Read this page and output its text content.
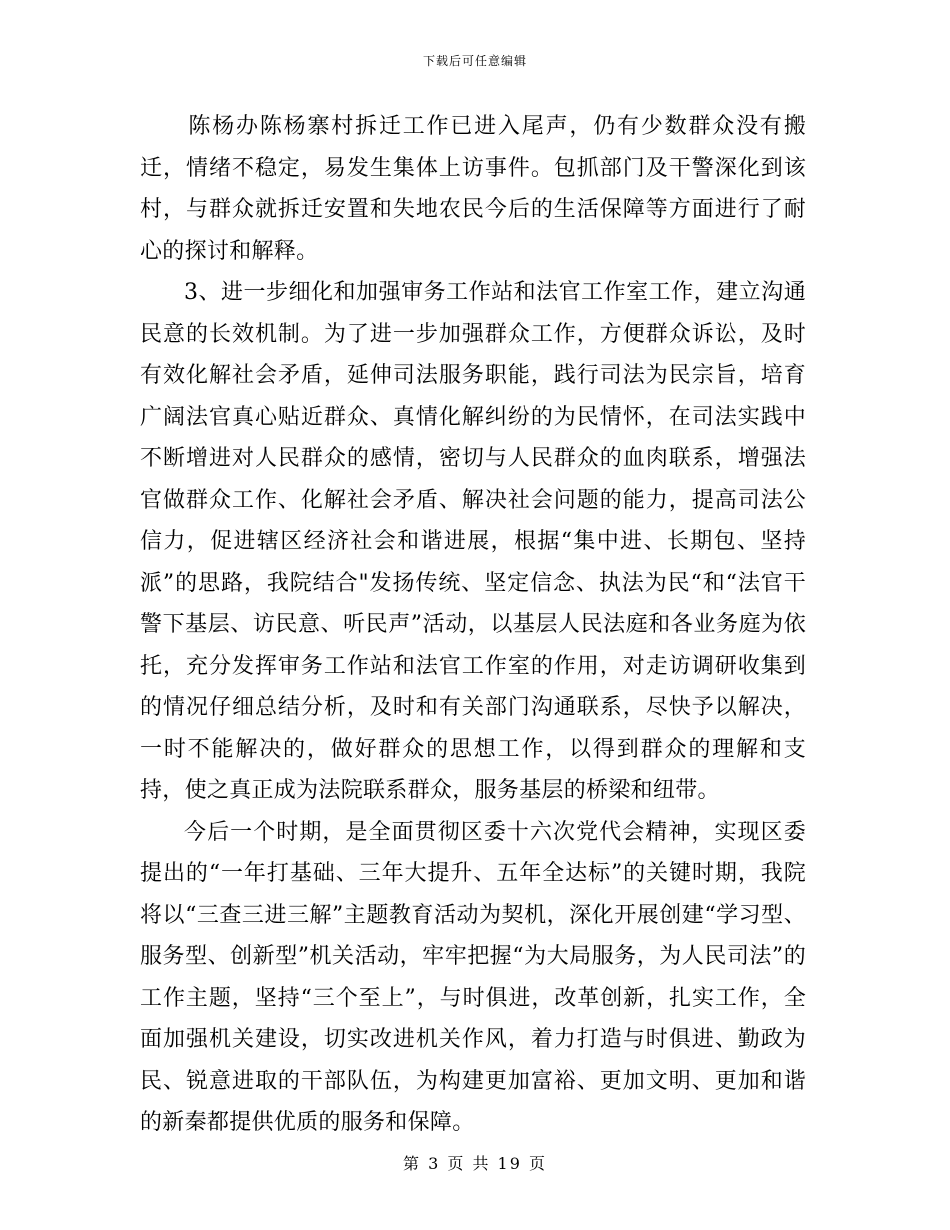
下载后可任意编辑

陈杨办陈杨寨村拆迁工作已进入尾声，仍有少数群众没有搬迁，情绪不稳定，易发生集体上访事件。包抓部门及干警深化到该村，与群众就拆迁安置和失地农民今后的生活保障等方面进行了耐心的探讨和解释。

3、进一步细化和加强审务工作站和法官工作室工作，建立沟通民意的长效机制。为了进一步加强群众工作，方便群众诉讼，及时有效化解社会矛盾，延伸司法服务职能，践行司法为民宗旨，培育广阔法官真心贴近群众、真情化解纠纷的为民情怀，在司法实践中不断增进对人民群众的感情，密切与人民群众的血肉联系，增强法官做群众工作、化解社会矛盾、解决社会问题的能力，提高司法公信力，促进辖区经济社会和谐进展，根据“集中进、长期包、坚持派”的思路，我院结合"发扬传统、坚定信念、执法为民“和“法官干警下基层、访民意、听民声”活动，以基层人民法庭和各业务庭为依托，充分发挥审务工作站和法官工作室的作用，对走访调研收集到的情况仔细总结分析，及时和有关部门沟通联系，尽快予以解决，一时不能解决的，做好群众的思想工作，以得到群众的理解和支持，使之真正成为法院联系群众，服务基层的桥梁和纽带。

今后一个时期，是全面贯彻区委十六次党代会精神，实现区委提出的“一年打基础、三年大提升、五年全达标”的关键时期，我院将以“三查三进三解”主题教育活动为契机，深化开展创建“学习型、服务型、创新型”机关活动，牢牢把握“为大局服务，为人民司法”的工作主题，坚持“三个至上”，与时俱进，改革创新，扎实工作，全面加强机关建设，切实改进机关作风，着力打造与时俱进、勤政为民、锐意进取的干部队伍，为构建更加富裕、更加文明、更加和谐的新秦都提供优质的服务和保障。

第 3 页 共 19 页
